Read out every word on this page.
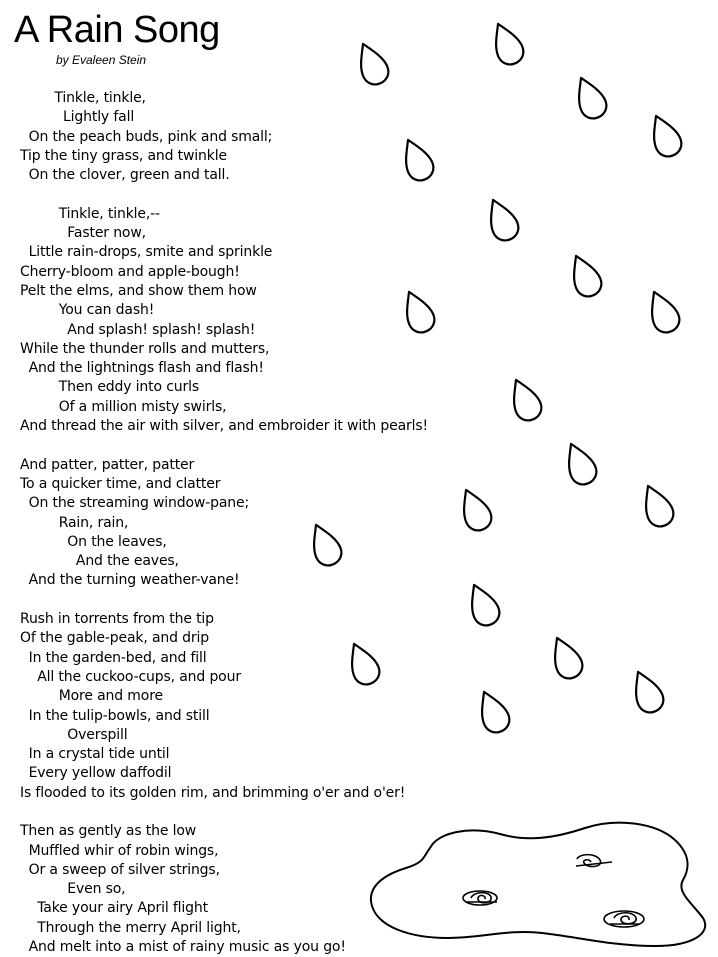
A Rain Song
by Evaleen Stein
Tinkle, tinkle,
Lightly fall
On the peach buds, pink and small;
Tip the tiny grass, and twinkle
On the clover, green and tall.
Tinkle, tinkle,--
Faster now,
Little rain-drops, smite and sprinkle
Cherry-bloom and apple-bough!
Pelt the elms, and show them how
You can dash!
And splash! splash! splash!
While the thunder rolls and mutters,
And the lightnings flash and flash!
Then eddy into curls
Of a million misty swirls,
And thread the air with silver, and embroider it with pearls!
And patter, patter, patter
To a quicker time, and clatter
On the streaming window-pane;
Rain, rain,
On the leaves,
And the eaves,
And the turning weather-vane!
Rush in torrents from the tip
Of the gable-peak, and drip
In the garden-bed, and fill
All the cuckoo-cups, and pour
More and more
In the tulip-bowls, and still
Overspill
In a crystal tide until
Every yellow daffodil
Is flooded to its golden rim, and brimming o'er and o'er!
Then as gently as the low
Muffled whir of robin wings,
Or a sweep of silver strings,
Even so,
Take your airy April flight
Through the merry April light,
And melt into a mist of rainy music as you go!
